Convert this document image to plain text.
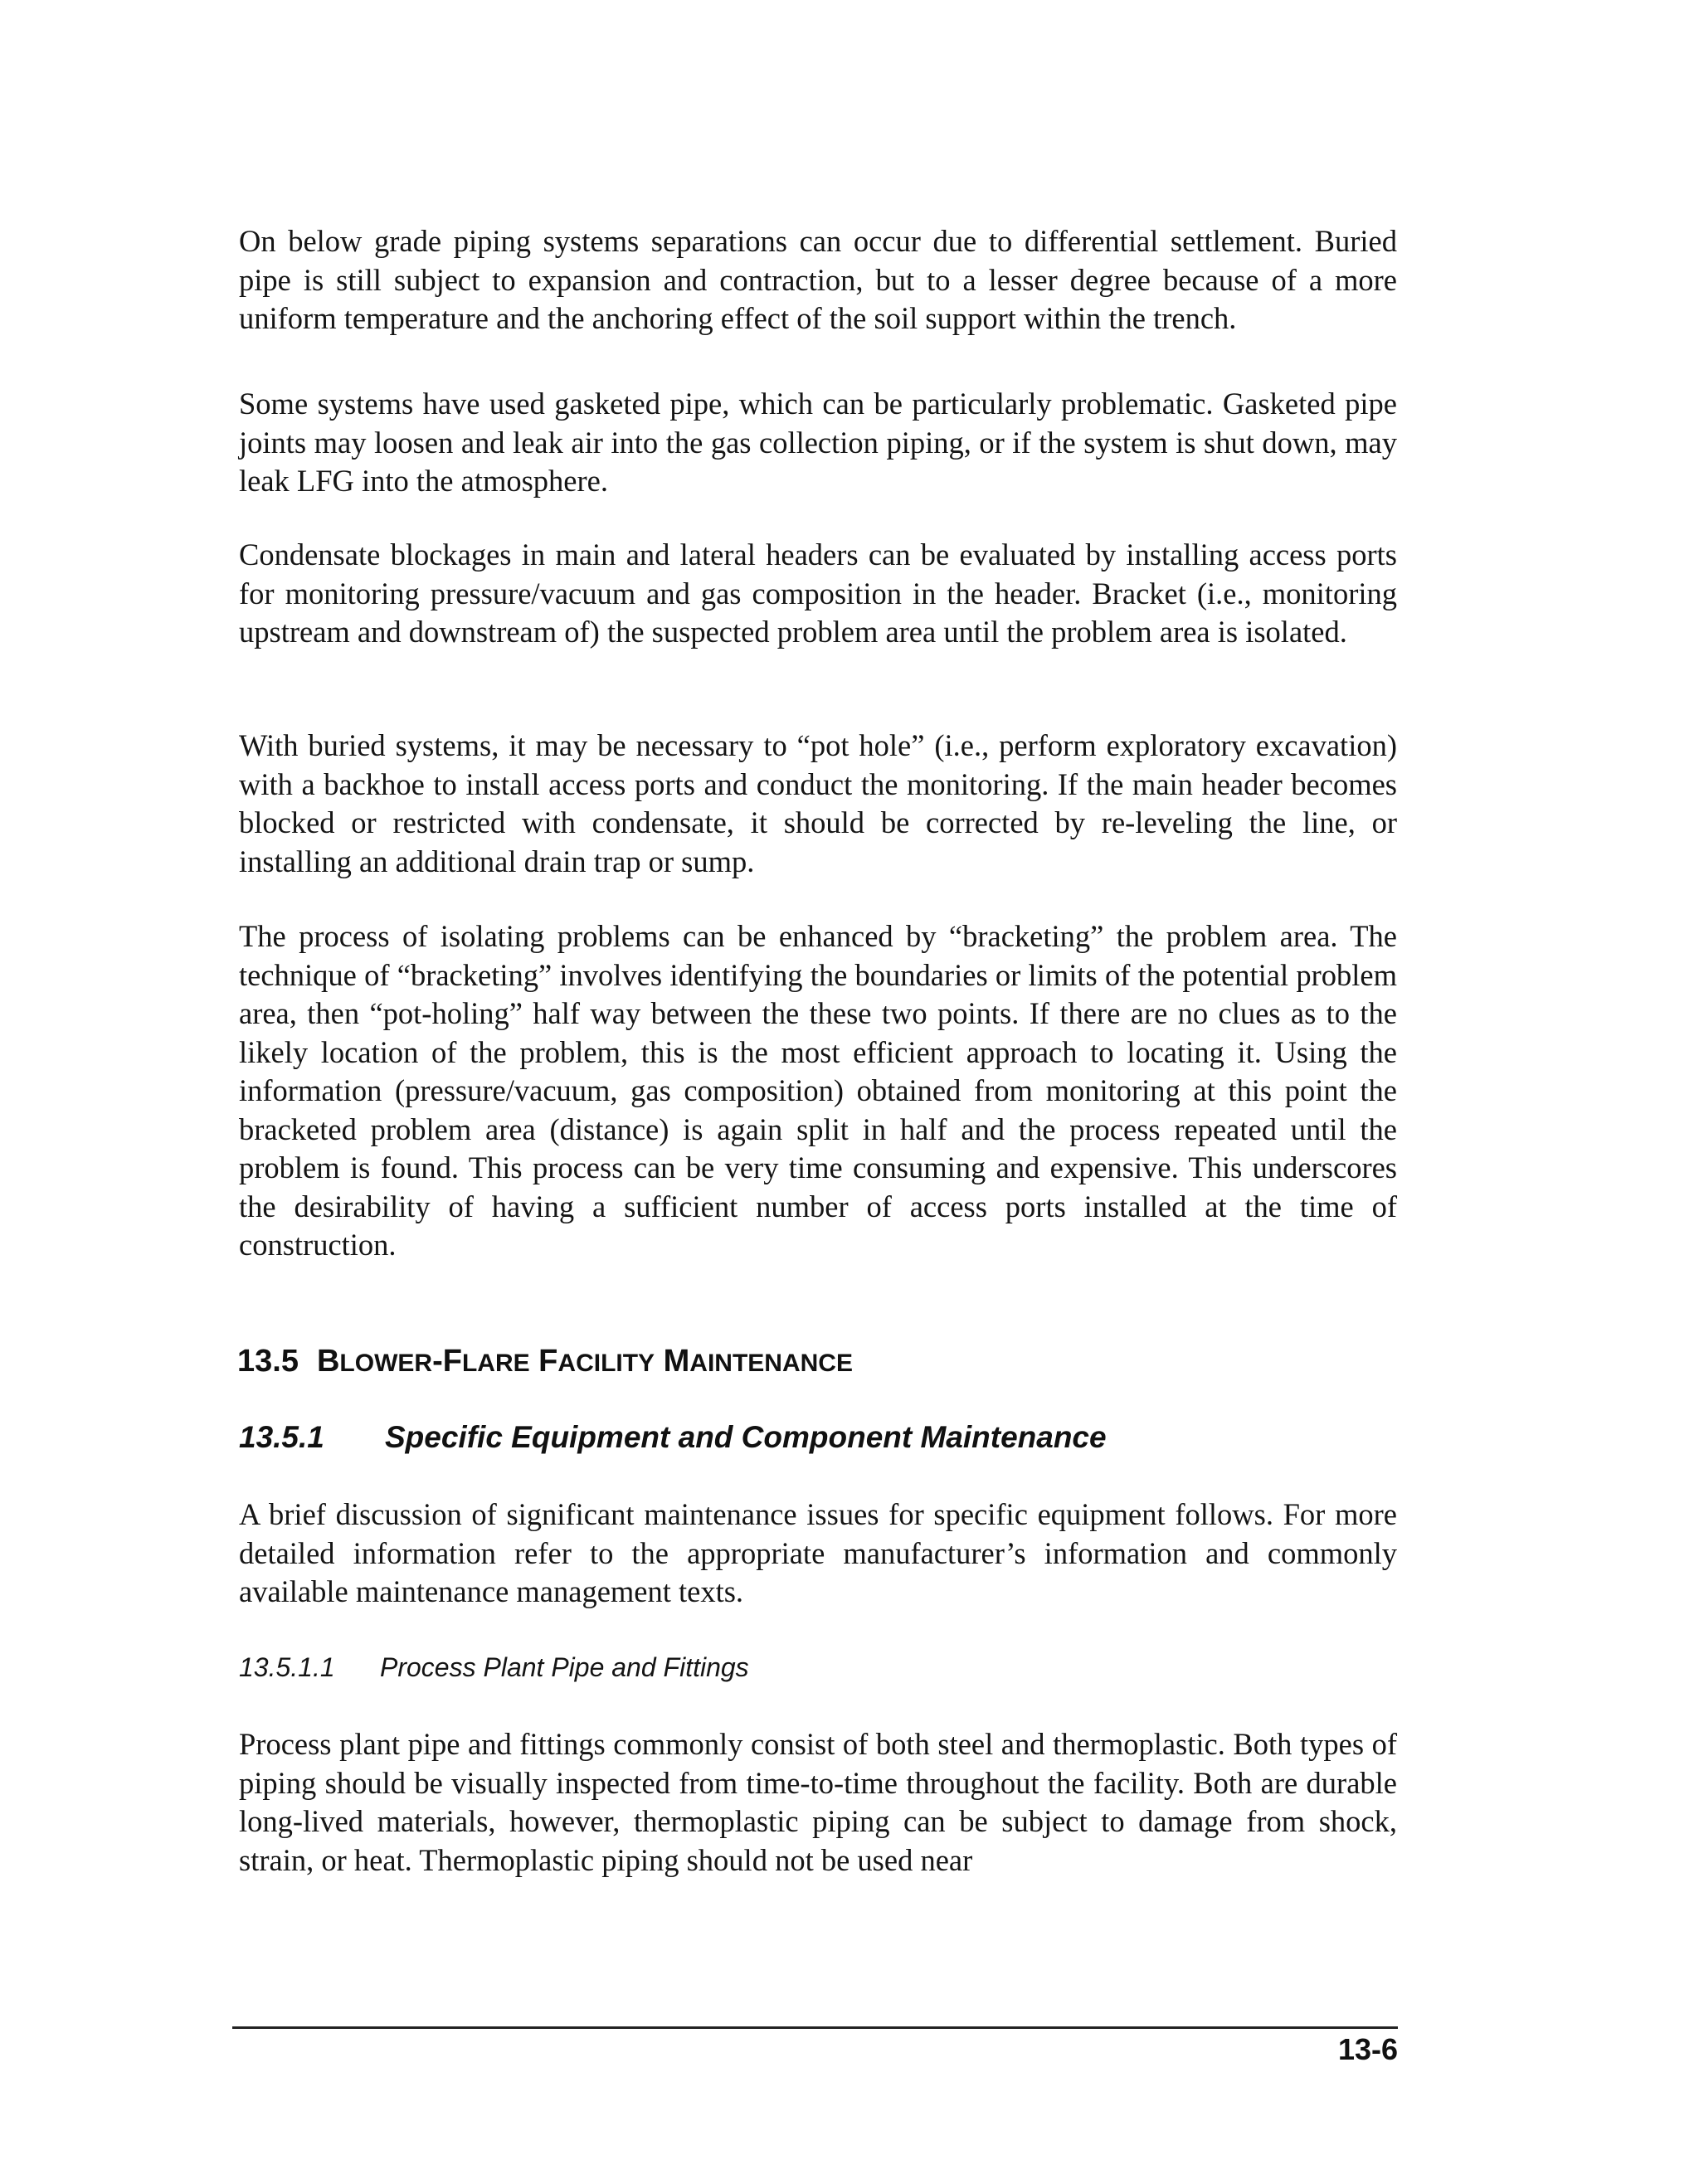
On below grade piping systems separations can occur due to differential settlement. Buried pipe is still subject to expansion and contraction, but to a lesser degree because of a more uniform temperature and the anchoring effect of the soil support within the trench.

Some systems have used gasketed pipe, which can be particularly problematic. Gasketed pipe joints may loosen and leak air into the gas collection piping, or if the system is shut down, may leak LFG into the atmosphere.

Condensate blockages in main and lateral headers can be evaluated by installing access ports for monitoring pressure/vacuum and gas composition in the header. Bracket (i.e., monitoring upstream and downstream of) the suspected problem area until the problem area is isolated.

With buried systems, it may be necessary to “pot hole” (i.e., perform exploratory excavation) with a backhoe to install access ports and conduct the monitoring. If the main header becomes blocked or restricted with condensate, it should be corrected by re-leveling the line, or installing an additional drain trap or sump.

The process of isolating problems can be enhanced by “bracketing” the problem area. The technique of “bracketing” involves identifying the boundaries or limits of the potential problem area, then “pot-holing” half way between the these two points. If there are no clues as to the likely location of the problem, this is the most efficient approach to locating it. Using the information (pressure/vacuum, gas composition) obtained from monitoring at this point the bracketed problem area (distance) is again split in half and the process repeated until the problem is found. This process can be very time consuming and expensive. This underscores the desirability of having a sufficient number of access ports installed at the time of construction.

13.5 BLOWER-FLARE FACILITY MAINTENANCE
13.5.1 Specific Equipment and Component Maintenance

A brief discussion of significant maintenance issues for specific equipment follows. For more detailed information refer to the appropriate manufacturer’s information and commonly available maintenance management texts.

13.5.1.1 Process Plant Pipe and Fittings

Process plant pipe and fittings commonly consist of both steel and thermoplastic. Both types of piping should be visually inspected from time-to-time throughout the facility. Both are durable long-lived materials, however, thermoplastic piping can be subject to damage from shock, strain, or heat. Thermoplastic piping should not be used near

13-6
